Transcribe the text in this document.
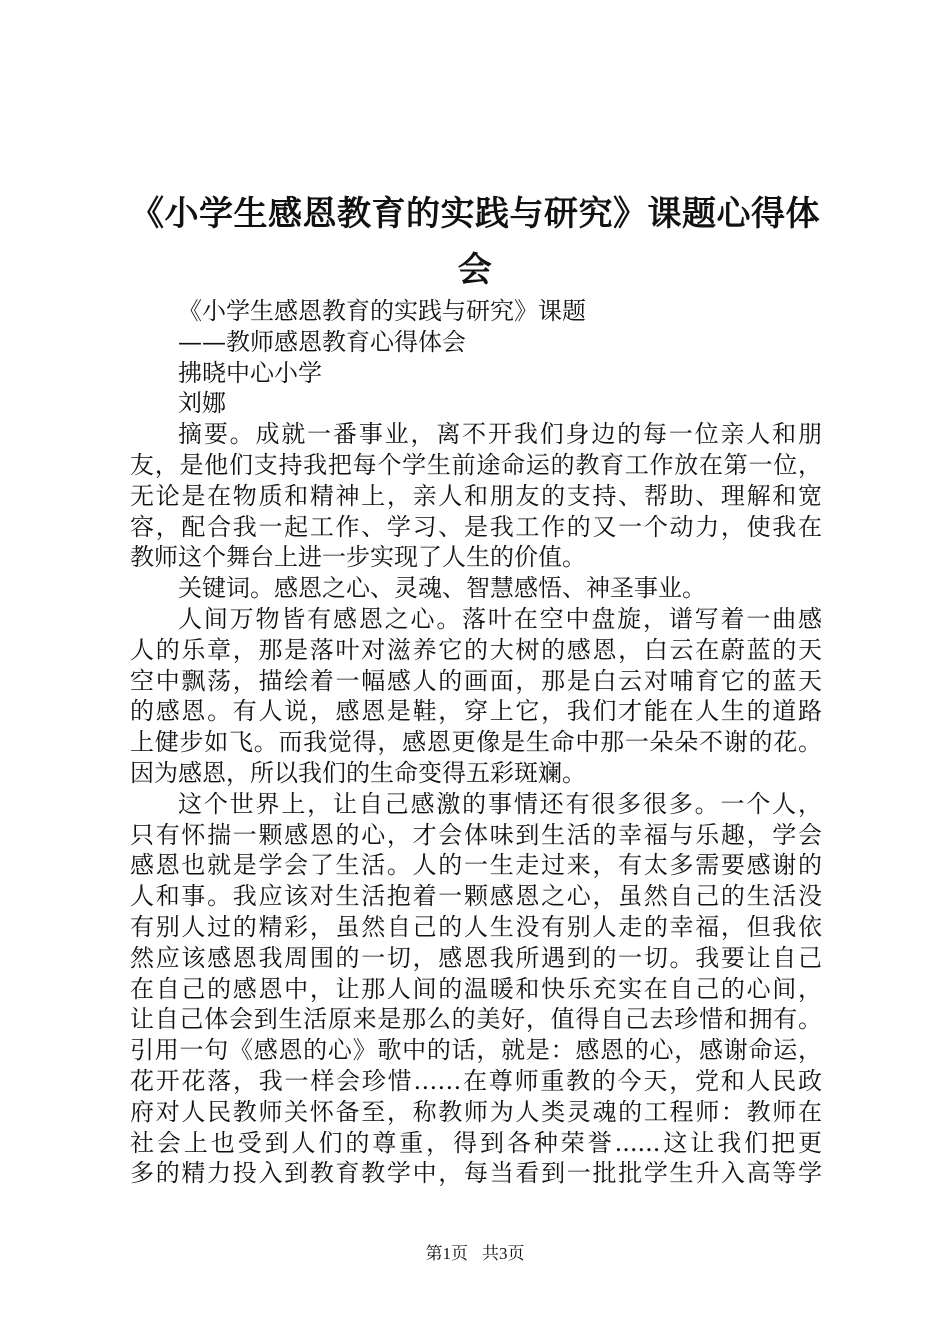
《小学生感恩教育的实践与研究》课题心得体
会
《小学生感恩教育的实践与研究》课题
——教师感恩教育心得体会
拂晓中心小学
刘娜
摘要。成就一番事业，离不开我们身边的每一位亲人和朋
友，是他们支持我把每个学生前途命运的教育工作放在第一位，
无论是在物质和精神上，亲人和朋友的支持、帮助、理解和宽
容，配合我一起工作、学习、是我工作的又一个动力，使我在
教师这个舞台上进一步实现了人生的价值。
关键词。感恩之心、灵魂、智慧感悟、神圣事业。
人间万物皆有感恩之心。落叶在空中盘旋，谱写着一曲感
人的乐章，那是落叶对滋养它的大树的感恩，白云在蔚蓝的天
空中飘荡，描绘着一幅感人的画面，那是白云对哺育它的蓝天
的感恩。有人说，感恩是鞋，穿上它，我们才能在人生的道路
上健步如飞。而我觉得，感恩更像是生命中那一朵朵不谢的花。
因为感恩，所以我们的生命变得五彩斑斓。
这个世界上，让自己感激的事情还有很多很多。一个人，
只有怀揣一颗感恩的心，才会体味到生活的幸福与乐趣，学会
感恩也就是学会了生活。人的一生走过来，有太多需要感谢的
人和事。我应该对生活抱着一颗感恩之心，虽然自己的生活没
有别人过的精彩，虽然自己的人生没有别人走的幸福，但我依
然应该感恩我周围的一切，感恩我所遇到的一切。我要让自己
在自己的感恩中，让那人间的温暖和快乐充实在自己的心间，
让自己体会到生活原来是那么的美好，值得自己去珍惜和拥有。
引用一句《感恩的心》歌中的话，就是：感恩的心，感谢命运，
花开花落，我一样会珍惜……在尊师重教的今天，党和人民政
府对人民教师关怀备至，称教师为人类灵魂的工程师：教师在
社会上也受到人们的尊重，得到各种荣誉......这让我们把更
多的精力投入到教育教学中，每当看到一批批学生升入高等学
第1页 共3页
